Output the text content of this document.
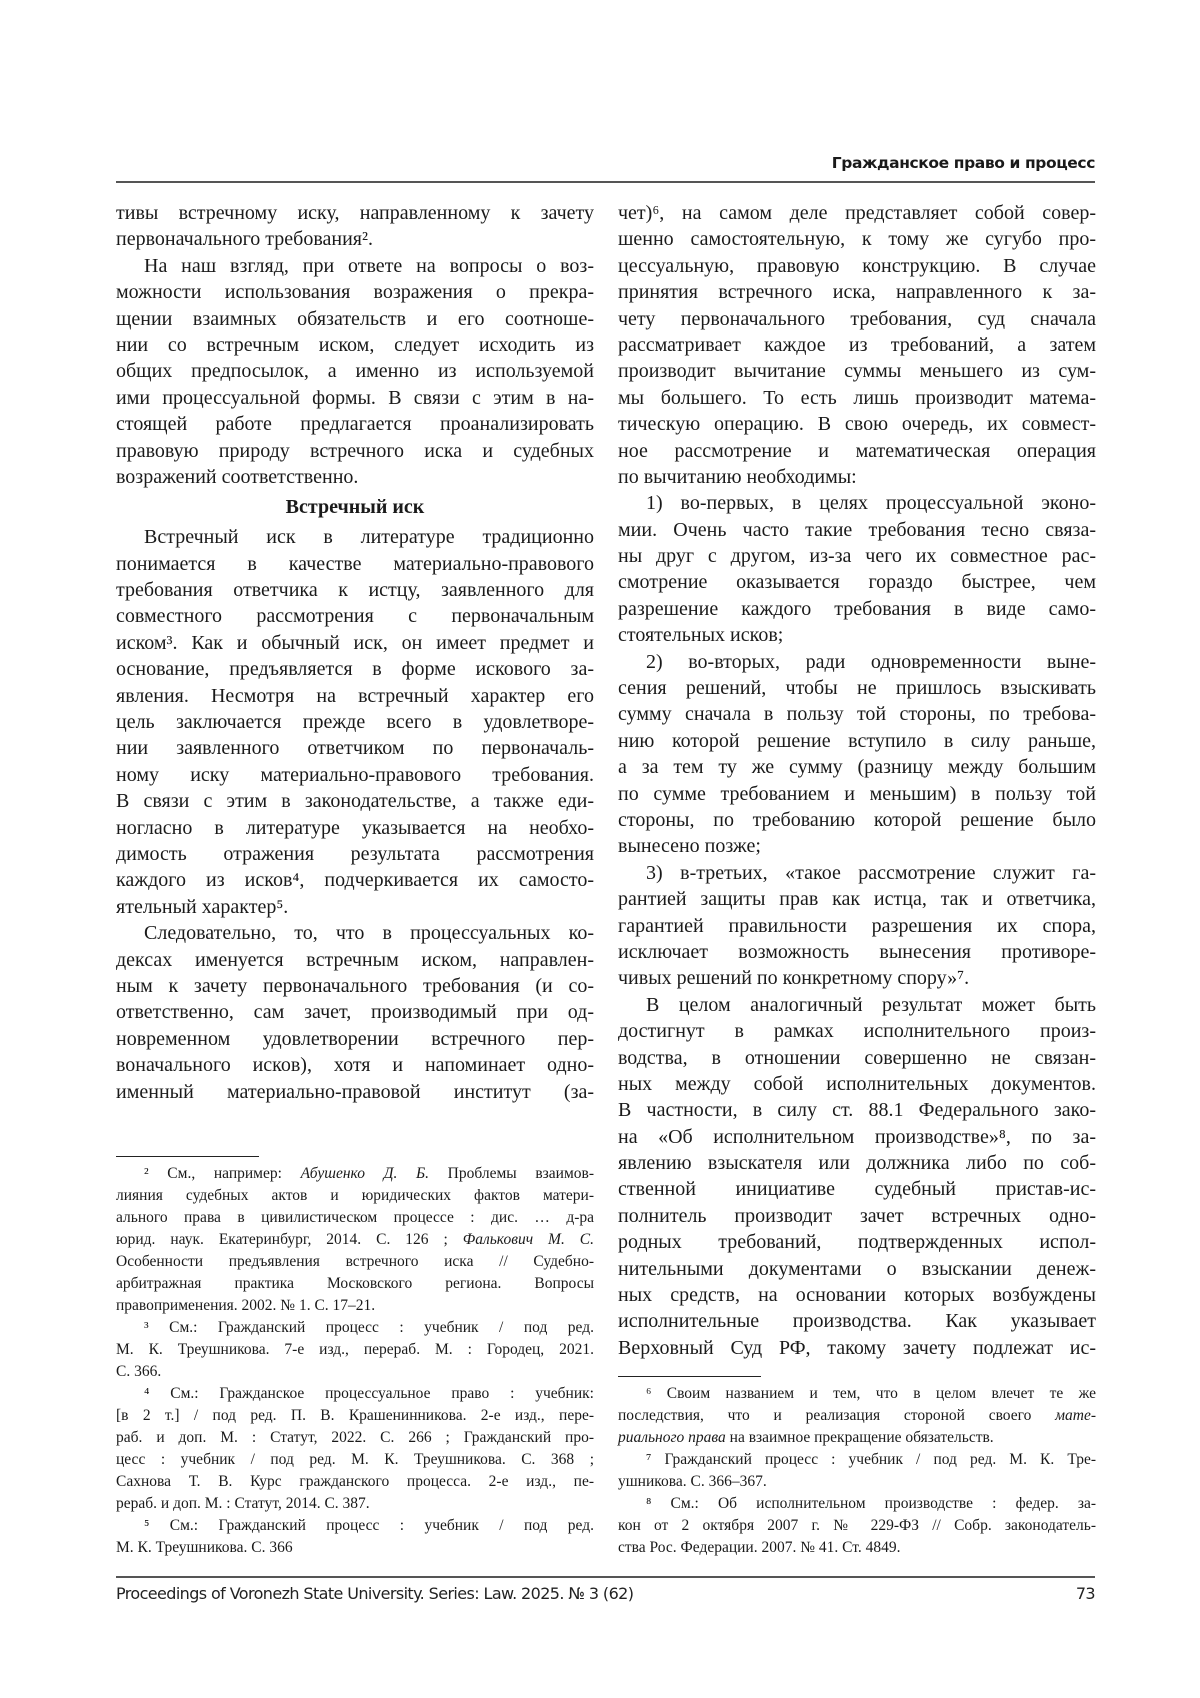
Гражданское право и процесс
тивы встречному иску, направленному к зачету
первоначального требования².
На наш взгляд, при ответе на вопросы о воз-
можности использования возражения о прекра-
щении взаимных обязательств и его соотноше-
нии со встречным иском, следует исходить из
общих предпосылок, а именно из используемой
ими процессуальной формы. В связи с этим в на-
стоящей работе предлагается проанализировать
правовую природу встречного иска и судебных
возражений соответственно.
Встречный иск
Встречный иск в литературе традиционно
понимается в качестве материально-правового
требования ответчика к истцу, заявленного для
совместного рассмотрения с первоначальным
иском³. Как и обычный иск, он имеет предмет и
основание, предъявляется в форме искового за-
явления. Несмотря на встречный характер его
цель заключается прежде всего в удовлетворе-
нии заявленного ответчиком по первоначаль-
ному иску материально-правового требования.
В связи с этим в законодательстве, а также еди-
ногласно в литературе указывается на необхо-
димость отражения результата рассмотрения
каждого из исков⁴, подчеркивается их самосто-
ятельный характер⁵.
Следовательно, то, что в процессуальных ко-
дексах именуется встречным иском, направлен-
ным к зачету первоначального требования (и со-
ответственно, сам зачет, производимый при од-
новременном удовлетворении встречного пер-
воначального исков), хотя и напоминает одно-
именный материально-правовой институт (за-
² См., например: Абушенко Д. Б. Проблемы взаимов-
лияния судебных актов и юридических фактов матери-
ального права в цивилистическом процессе : дис. … д-ра
юрид. наук. Екатеринбург, 2014. С. 126 ; Фалькович М. С.
Особенности предъявления встречного иска // Судебно-
арбитражная практика Московского региона. Вопросы
правоприменения. 2002. № 1. С. 17–21.
³ См.: Гражданский процесс : учебник / под ред.
М. К. Треушникова. 7-е изд., перераб. М. : Городец, 2021.
С. 366.
⁴ См.: Гражданское процессуальное право : учебник:
[в 2 т.] / под ред. П. В. Крашенинникова. 2-е изд., пере-
раб. и доп. М. : Статут, 2022. С. 266 ; Гражданский про-
цесс : учебник / под ред. М. К. Треушникова. С. 368 ;
Сахнова Т. В. Курс гражданского процесса. 2-е изд., пе-
рераб. и доп. М. : Статут, 2014. С. 387.
⁵ См.: Гражданский процесс : учебник / под ред.
М. К. Треушникова. С. 366
чет)⁶, на самом деле представляет собой совер-
шенно самостоятельную, к тому же сугубо про-
цессуальную, правовую конструкцию. В случае
принятия встречного иска, направленного к за-
чету первоначального требования, суд сначала
рассматривает каждое из требований, а затем
производит вычитание суммы меньшего из сум-
мы большего. То есть лишь производит матема-
тическую операцию. В свою очередь, их совмест-
ное рассмотрение и математическая операция
по вычитанию необходимы:
1) во-первых, в целях процессуальной эконо-
мии. Очень часто такие требования тесно связа-
ны друг с другом, из-за чего их совместное рас-
смотрение оказывается гораздо быстрее, чем
разрешение каждого требования в виде само-
стоятельных исков;
2) во-вторых, ради одновременности выне-
сения решений, чтобы не пришлось взыскивать
сумму сначала в пользу той стороны, по требова-
нию которой решение вступило в силу раньше,
а за тем ту же сумму (разницу между большим
по сумме требованием и меньшим) в пользу той
стороны, по требованию которой решение было
вынесено позже;
3) в-третьих, «такое рассмотрение служит га-
рантией защиты прав как истца, так и ответчика,
гарантией правильности разрешения их спора,
исключает возможность вынесения противоре-
чивых решений по конкретному спору»⁷.
В целом аналогичный результат может быть
достигнут в рамках исполнительного произ-
водства, в отношении совершенно не связан-
ных между собой исполнительных документов.
В частности, в силу ст. 88.1 Федерального зако-
на «Об исполнительном производстве»⁸, по за-
явлению взыскателя или должника либо по соб-
ственной инициативе судебный пристав-ис-
полнитель производит зачет встречных одно-
родных требований, подтвержденных испол-
нительными документами о взыскании денеж-
ных средств, на основании которых возбуждены
исполнительные производства. Как указывает
Верховный Суд РФ, такому зачету подлежат ис-
⁶ Своим названием и тем, что в целом влечет те же
последствия, что и реализация стороной своего мате-
риального права на взаимное прекращение обязательств.
⁷ Гражданский процесс : учебник / под ред. М. К. Тре-
ушникова. С. 366–367.
⁸ См.: Об исполнительном производстве : федер. за-
кон от 2 октября 2007 г. № 229-ФЗ // Собр. законодатель-
ства Рос. Федерации. 2007. № 41. Ст. 4849.
Proceedings of Voronezh State University. Series: Law. 2025. № 3 (62)	73
